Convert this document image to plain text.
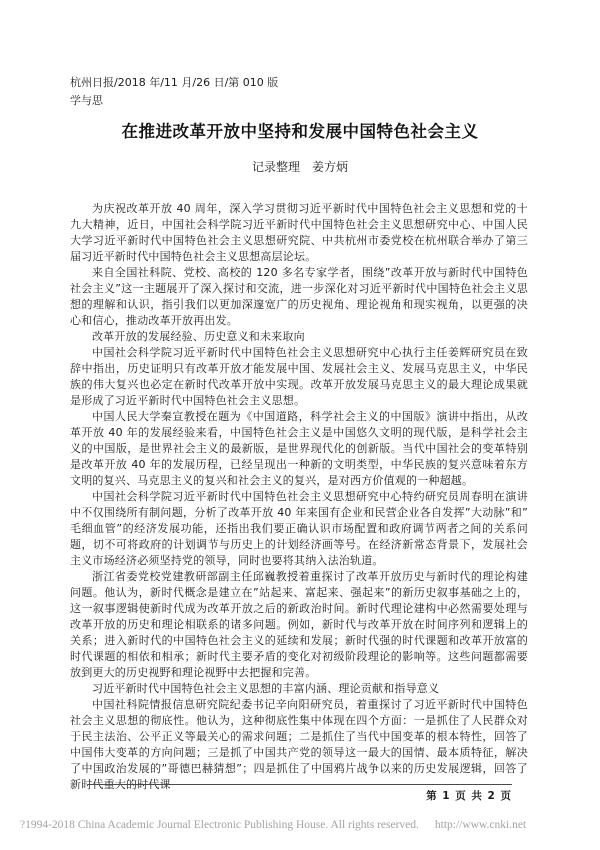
杭州日报/2018 年/11 月/26 日/第 010 版
学与思
在推进改革开放中坚持和发展中国特色社会主义
记录整理　姜方炳

为庆祝改革开放 40 周年，深入学习贯彻习近平新时代中国特色社会主义思想和党的十九大精神，近日，中国社会科学院习近平新时代中国特色社会主义思想研究中心、中国人民大学习近平新时代中国特色社会主义思想研究院、中共杭州市委党校在杭州联合举办了第三届习近平新时代中国特色社会主义思想高层论坛。

来自全国社科院、党校、高校的 120 多名专家学者，围绕”改革开放与新时代中国特色社会主义”这一主题展开了深入探讨和交流，进一步深化对习近平新时代中国特色社会主义思想的理解和认识，指引我们以更加深邃宽广的历史视角、理论视角和现实视角，以更强的决心和信心，推动改革开放再出发。

改革开放的发展经验、历史意义和未来取向

中国社会科学院习近平新时代中国特色社会主义思想研究中心执行主任姜辉研究员在致辞中指出，历史证明只有改革开放才能发展中国、发展社会主义、发展马克思主义，中华民族的伟大复兴也必定在新时代改革开放中实现。改革开放发展马克思主义的最大理论成果就是形成了习近平新时代中国特色社会主义思想。

中国人民大学秦宣教授在题为《中国道路，科学社会主义的中国版》演讲中指出，从改革开放 40 年的发展经验来看，中国特色社会主义是中国悠久文明的现代版，是科学社会主义的中国版，是世界社会主义的最新版，是世界现代化的创新版。当代中国社会的变革特别是改革开放 40 年的发展历程，已经呈现出一种新的文明类型，中华民族的复兴意味着东方文明的复兴、马克思主义的复兴和社会主义的复兴，是对西方价值观的一种超越。

中国社会科学院习近平新时代中国特色社会主义思想研究中心特约研究员周春明在演讲中不仅围绕所有制问题，分析了改革开放 40 年来国有企业和民营企业各自发挥”大动脉”和”毛细血管”的经济发展功能，还指出我们要正确认识市场配置和政府调节两者之间的关系问题，切不可将政府的计划调节与历史上的计划经济画等号。在经济新常态背景下，发展社会主义市场经济必须坚持党的领导，同时也要将其纳入法治轨道。

浙江省委党校党建教研部副主任邱巍教授着重探讨了改革开放历史与新时代的理论构建问题。他认为，新时代概念是建立在”站起来、富起来、强起来”的新历史叙事基础之上的，这一叙事逻辑使新时代成为改革开放之后的新政治时间。新时代理论建构中必然需要处理与改革开放的历史和理论相联系的诸多问题。例如，新时代与改革开放在时间序列和逻辑上的关系；进入新时代的中国特色社会主义的延续和发展；新时代强的时代课题和改革开放富的时代课题的相依和相承；新时代主要矛盾的变化对初级阶段理论的影响等。这些问题都需要放到更大的历史视野和理论视野中去把握和完善。

习近平新时代中国特色社会主义思想的丰富内涵、理论贡献和指导意义

中国社科院情报信息研究院纪委书记辛向阳研究员，着重探讨了习近平新时代中国特色社会主义思想的彻底性。他认为，这种彻底性集中体现在四个方面：一是抓住了人民群众对于民主法治、公平正义等最关心的需求问题；二是抓住了当代中国变革的根本特性，回答了中国伟大变革的方向问题；三是抓了中国共产党的领导这一最大的国情、最本质特征，解决了中国政治发展的”哥德巴赫猜想”；四是抓住了中国鸦片战争以来的历史发展逻辑，回答了新时代重大的时代课

第 1 页 共 2 页
?1994-2018 China Academic Journal Electronic Publishing House. All rights reserved. http://www.cnki.net
